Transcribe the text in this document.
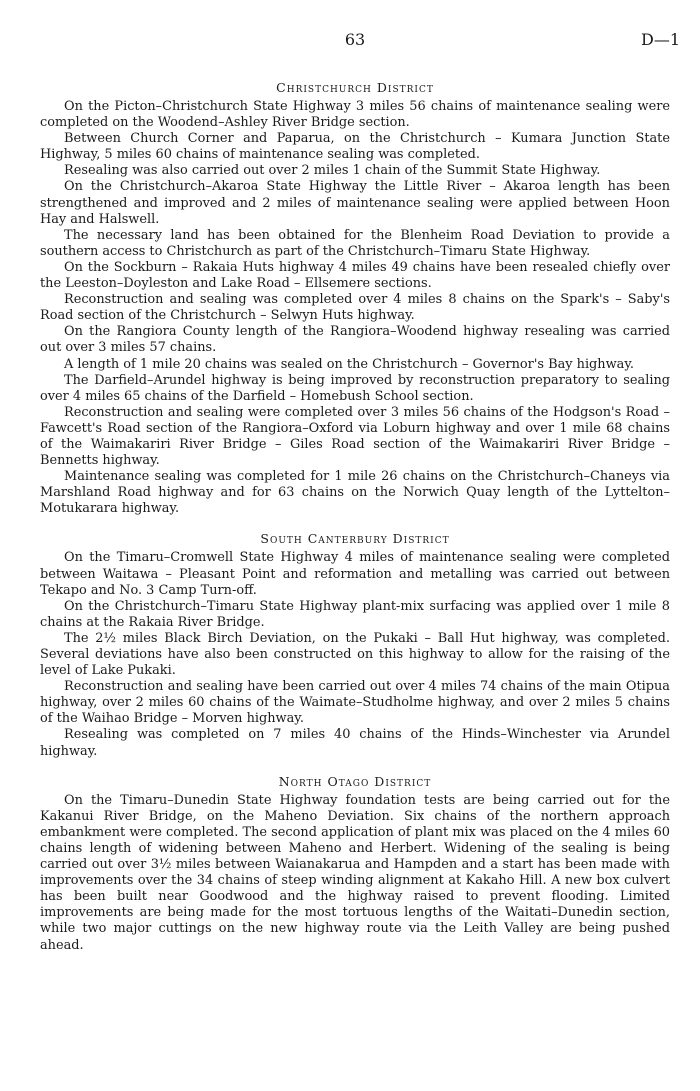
63	D—1
Christchurch District

On the Picton–Christchurch State Highway 3 miles 56 chains of maintenance sealing were completed on the Woodend–Ashley River Bridge section.

Between Church Corner and Paparua, on the Christchurch – Kumara Junction State Highway, 5 miles 60 chains of maintenance sealing was completed.

Resealing was also carried out over 2 miles 1 chain of the Summit State Highway.

On the Christchurch–Akaroa State Highway the Little River – Akaroa length has been strengthened and improved and 2 miles of maintenance sealing were applied between Hoon Hay and Halswell.

The necessary land has been obtained for the Blenheim Road Deviation to provide a southern access to Christchurch as part of the Christchurch–Timaru State Highway.

On the Sockburn – Rakaia Huts highway 4 miles 49 chains have been resealed chiefly over the Leeston–Doyleston and Lake Road – Ellsemere sections.

Reconstruction and sealing was completed over 4 miles 8 chains on the Spark's – Saby's Road section of the Christchurch – Selwyn Huts highway.

On the Rangiora County length of the Rangiora–Woodend highway resealing was carried out over 3 miles 57 chains.

A length of 1 mile 20 chains was sealed on the Christchurch – Governor's Bay highway.

The Darfield–Arundel highway is being improved by reconstruction preparatory to sealing over 4 miles 65 chains of the Darfield – Homebush School section.

Reconstruction and sealing were completed over 3 miles 56 chains of the Hodgson's Road – Fawcett's Road section of the Rangiora–Oxford via Loburn highway and over 1 mile 68 chains of the Waimakariri River Bridge – Giles Road section of the Waimakariri River Bridge – Bennetts highway.

Maintenance sealing was completed for 1 mile 26 chains on the Christchurch–Chaneys via Marshland Road highway and for 63 chains on the Norwich Quay length of the Lyttelton–Motukarara highway.

South Canterbury District

On the Timaru–Cromwell State Highway 4 miles of maintenance sealing were completed between Waitawa – Pleasant Point and reformation and metalling was carried out between Tekapo and No. 3 Camp Turn-off.

On the Christchurch–Timaru State Highway plant-mix surfacing was applied over 1 mile 8 chains at the Rakaia River Bridge.

The 2½ miles Black Birch Deviation, on the Pukaki – Ball Hut highway, was completed. Several deviations have also been constructed on this highway to allow for the raising of the level of Lake Pukaki.

Reconstruction and sealing have been carried out over 4 miles 74 chains of the main Otipua highway, over 2 miles 60 chains of the Waimate–Studholme highway, and over 2 miles 5 chains of the Waihao Bridge – Morven highway.

Resealing was completed on 7 miles 40 chains of the Hinds–Winchester via Arundel highway.

North Otago District

On the Timaru–Dunedin State Highway foundation tests are being carried out for the Kakanui River Bridge, on the Maheno Deviation. Six chains of the northern approach embankment were completed. The second application of plant mix was placed on the 4 miles 60 chains length of widening between Maheno and Herbert. Widening of the sealing is being carried out over 3½ miles between Waianakarua and Hampden and a start has been made with improvements over the 34 chains of steep winding alignment at Kakaho Hill. A new box culvert has been built near Goodwood and the highway raised to prevent flooding. Limited improvements are being made for the most tortuous lengths of the Waitati–Dunedin section, while two major cuttings on the new highway route via the Leith Valley are being pushed ahead.
